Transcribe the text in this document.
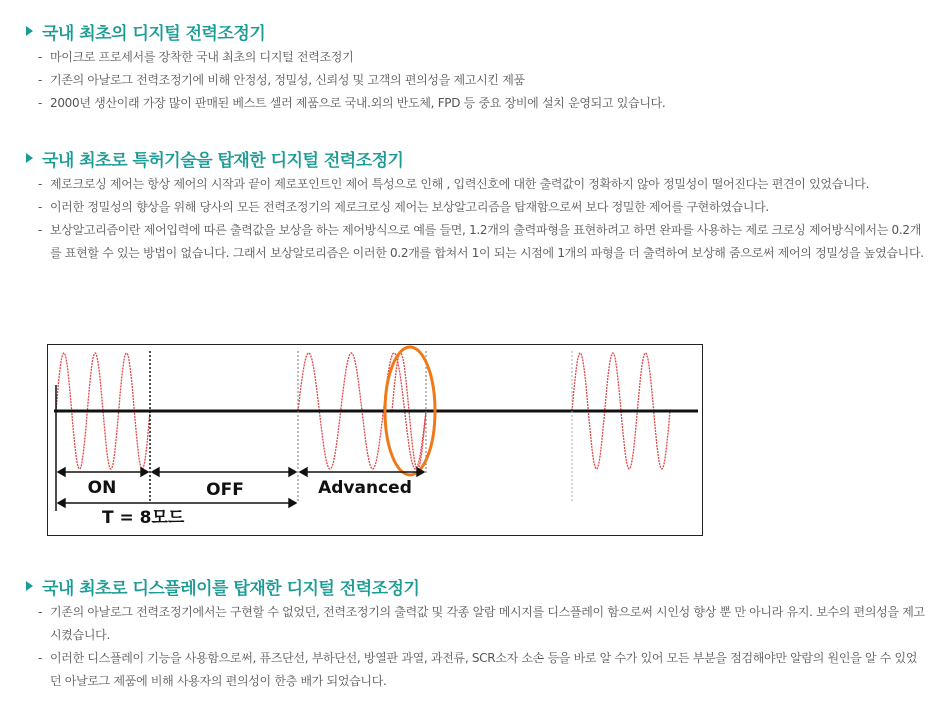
국내 최초의 디지털 전력조정기
- 마이크로 프로세서를 장착한 국내 최초의 디지털 전력조정기
- 기존의 아날로그 전력조정기에 비해 안정성, 정밀성, 신뢰성 및 고객의 편의성을 제고시킨 제품
- 2000년 생산이래 가장 많이 판매된 베스트 셀러 제품으로 국내.외의 반도체, FPD 등 중요 장비에 설치 운영되고 있습니다.
국내 최초로 특허기술을 탑재한 디지털 전력조정기
- 제로크로싱 제어는 항상 제어의 시작과 끝이 제로포인트인 제어 특성으로 인해 , 입력신호에 대한 출력값이 정확하지 않아 정밀성이 떨어진다는 편견이 있었습니다.
- 이러한 정밀성의 향상을 위해 당사의 모든 전력조정기의 제로크로싱 제어는 보상알고리즘을 탑재함으로써 보다 정밀한 제어를 구현하였습니다.
- 보상알고리즘이란 제어입력에 따른 출력값을 보상을 하는 제어방식으로 예를 들면, 1.2개의 출력파형을 표현하려고 하면 완파를 사용하는 제로 크로싱 제어방식에서는 0.2개를 표현할 수 있는 방법이 없습니다. 그래서 보상알로리즘은 이러한 0.2개를 합쳐서 1이 되는 시점에 1개의 파형을 더 출력하여 보상해 줌으로써 제어의 정밀성을 높였습니다.
ON	OFF	Advanced
T = 8모드
국내 최초로 디스플레이를 탑재한 디지털 전력조정기
- 기존의 아날로그 전력조정기에서는 구현할 수 없었던, 전력조정기의 출력값 및 각종 알람 메시지를 디스플레이 함으로써 시인성 향상 뿐 만 아니라 유지. 보수의 편의성을 제고 시켰습니다.
- 이러한 디스플레이 기능을 사용함으로써, 퓨즈단선, 부하단선, 방열판 과열, 과전류, SCR소자 소손 등을 바로 알 수가 있어 모든 부분을 점검해야만 알람의 원인을 알 수 있었던 아날로그 제품에 비해 사용자의 편의성이 한층 배가 되었습니다.
